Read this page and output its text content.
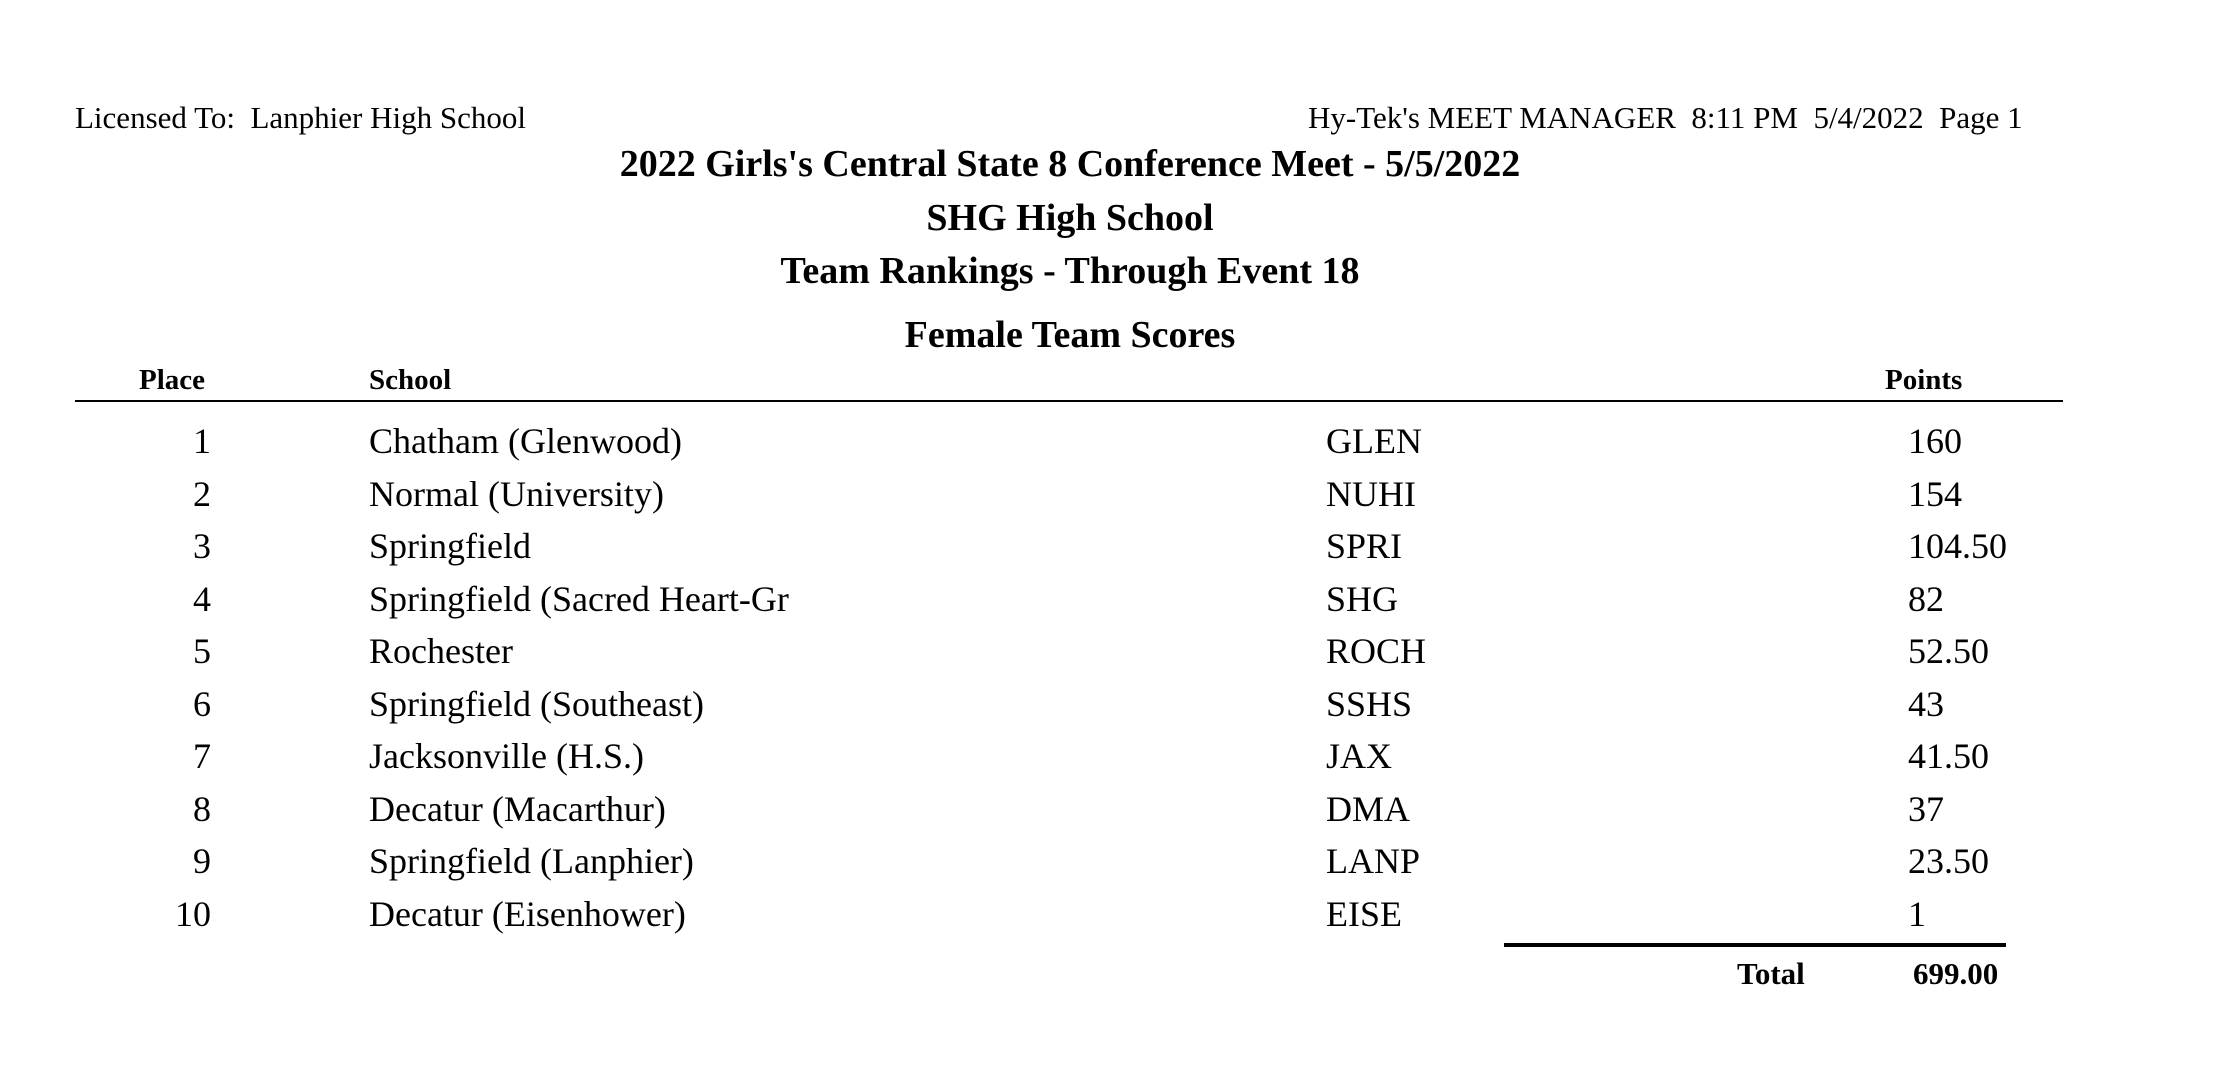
Licensed To:  Lanphier High School	Hy-Tek's MEET MANAGER  8:11 PM  5/4/2022  Page 1
2022 Girls's Central State 8 Conference Meet - 5/5/2022
SHG High School
Team Rankings - Through Event 18
Female Team Scores
Place	School	Points
1	Chatham (Glenwood)	GLEN	160
2	Normal (University)	NUHI	154
3	Springfield	SPRI	104.50
4	Springfield (Sacred Heart-Gr	SHG	82
5	Rochester	ROCH	52.50
6	Springfield (Southeast)	SSHS	43
7	Jacksonville (H.S.)	JAX	41.50
8	Decatur (Macarthur)	DMA	37
9	Springfield (Lanphier)	LANP	23.50
10	Decatur (Eisenhower)	EISE	1
Total	699.00
